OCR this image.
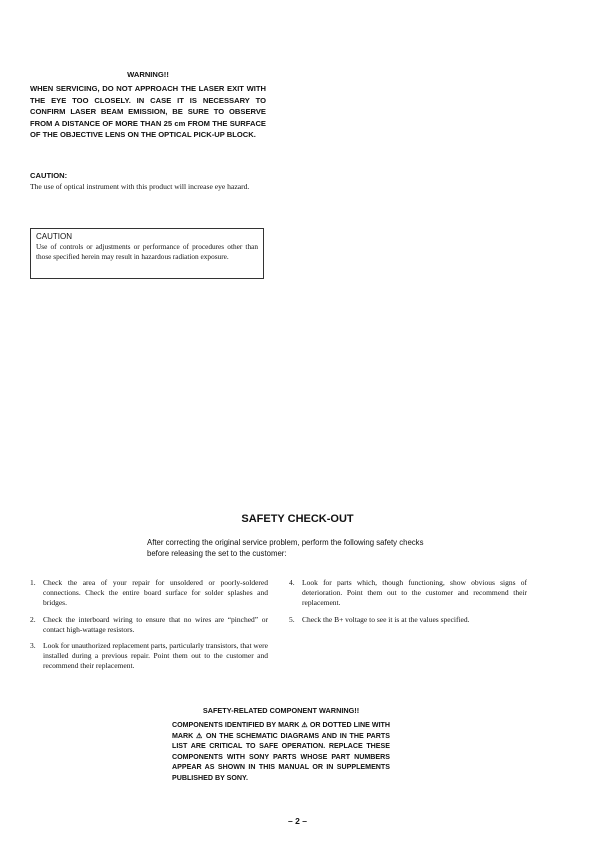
WARNING!!
WHEN SERVICING, DO NOT APPROACH THE LASER EXIT WITH THE EYE TOO CLOSELY. IN CASE IT IS NECESSARY TO CONFIRM LASER BEAM EMISSION, BE SURE TO OBSERVE FROM A DISTANCE OF MORE THAN 25 cm FROM THE SURFACE OF THE OBJECTIVE LENS ON THE OPTICAL PICK-UP BLOCK.
CAUTION:
The use of optical instrument with this product will increase eye hazard.
CAUTION
Use of controls or adjustments or performance of procedures other than those specified herein may result in hazardous radiation exposure.
SAFETY CHECK-OUT
After correcting the original service problem, perform the following safety checks before releasing the set to the customer:
1. Check the area of your repair for unsoldered or poorly-soldered connections. Check the entire board surface for solder splashes and bridges.
2. Check the interboard wiring to ensure that no wires are “pinched” or contact high-wattage resistors.
3. Look for unauthorized replacement parts, particularly transistors, that were installed during a previous repair. Point them out to the customer and recommend their replacement.
4. Look for parts which, though functioning, show obvious signs of deterioration. Point them out to the customer and recommend their replacement.
5. Check the B+ voltage to see it is at the values specified.
SAFETY-RELATED COMPONENT WARNING!!
COMPONENTS IDENTIFIED BY MARK ⚠ OR DOTTED LINE WITH MARK ⚠ ON THE SCHEMATIC DIAGRAMS AND IN THE PARTS LIST ARE CRITICAL TO SAFE OPERATION. REPLACE THESE COMPONENTS WITH SONY PARTS WHOSE PART NUMBERS APPEAR AS SHOWN IN THIS MANUAL OR IN SUPPLEMENTS PUBLISHED BY SONY.
– 2 –
